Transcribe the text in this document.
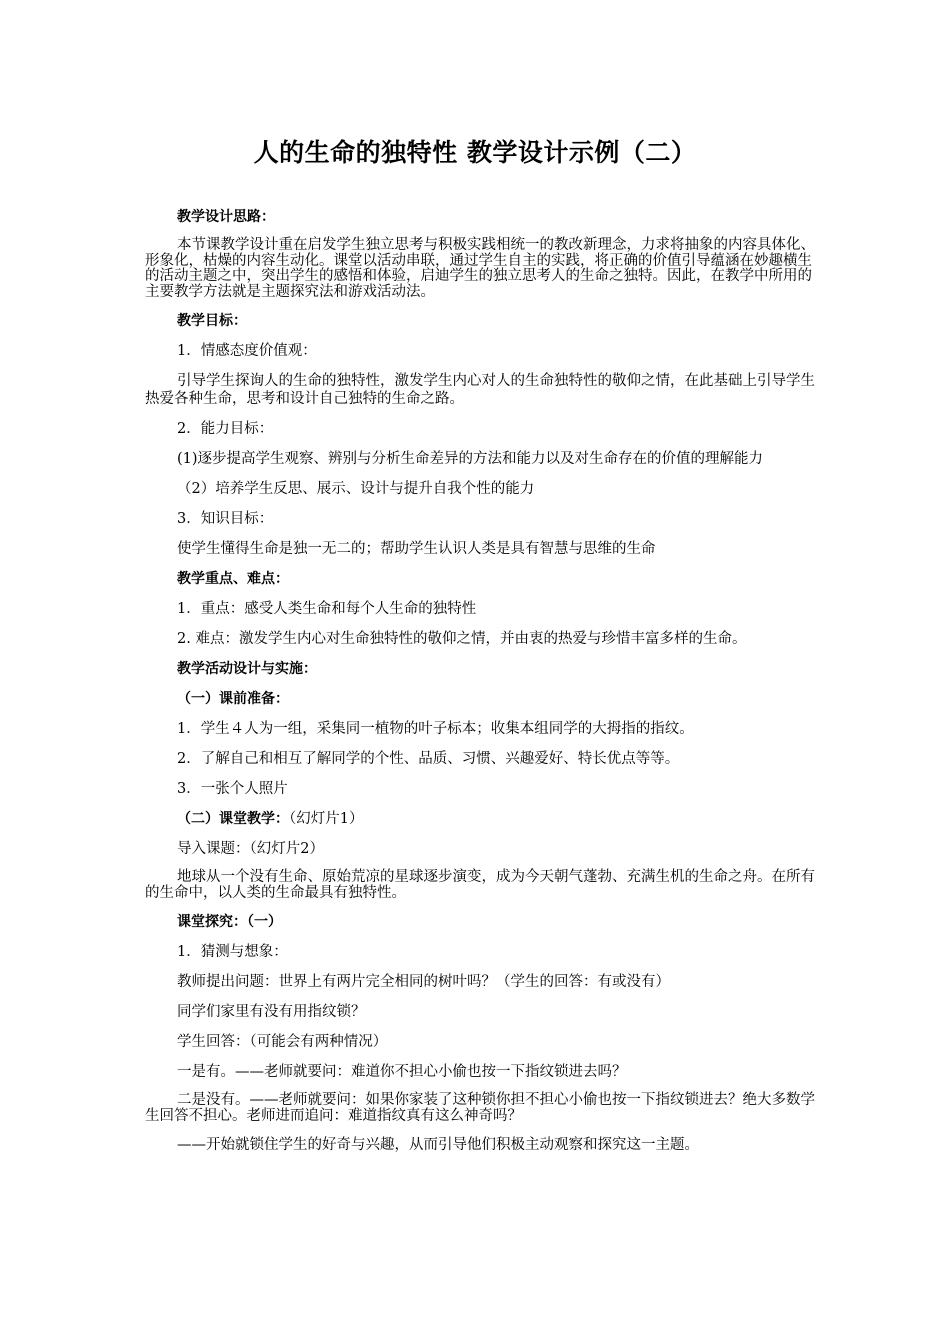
人的生命的独特性 教学设计示例（二）

教学设计思路：

本节课教学设计重在启发学生独立思考与积极实践相统一的教改新理念，力求将抽象的内容具体化、形象化，枯燥的内容生动化。课堂以活动串联，通过学生自主的实践，将正确的价值引导蕴涵在妙趣横生的活动主题之中，突出学生的感悟和体验，启迪学生的独立思考人的生命之独特。因此，在教学中所用的主要教学方法就是主题探究法和游戏活动法。

教学目标：

1．情感态度价值观：

引导学生探询人的生命的独特性，激发学生内心对人的生命独特性的敬仰之情，在此基础上引导学生热爱各种生命，思考和设计自己独特的生命之路。

2．能力目标：

(1)逐步提高学生观察、辨别与分析生命差异的方法和能力以及对生命存在的价值的理解能力

（2）培养学生反思、展示、设计与提升自我个性的能力

3．知识目标：

使学生懂得生命是独一无二的；帮助学生认识人类是具有智慧与思维的生命

教学重点、难点：

1．重点：感受人类生命和每个人生命的独特性

2. 难点：激发学生内心对生命独特性的敬仰之情，并由衷的热爱与珍惜丰富多样的生命。

教学活动设计与实施：

（一）课前准备：

1．学生４人为一组，采集同一植物的叶子标本；收集本组同学的大拇指的指纹。

2．了解自己和相互了解同学的个性、品质、习惯、兴趣爱好、特长优点等等。

3．一张个人照片

（二）课堂教学：（幻灯片1）

导入课题：（幻灯片2）

地球从一个没有生命、原始荒凉的星球逐步演变，成为今天朝气蓬勃、充满生机的生命之舟。在所有的生命中，以人类的生命最具有独特性。

课堂探究：（一）

1．猜测与想象：

教师提出问题：世界上有两片完全相同的树叶吗？（学生的回答：有或没有）

同学们家里有没有用指纹锁？

学生回答：（可能会有两种情况）

一是有。——老师就要问：难道你不担心小偷也按一下指纹锁进去吗？

二是没有。——老师就要问：如果你家装了这种锁你担不担心小偷也按一下指纹锁进去？绝大多数学生回答不担心。老师进而追问：难道指纹真有这么神奇吗？

——开始就锁住学生的好奇与兴趣，从而引导他们积极主动观察和探究这一主题。
